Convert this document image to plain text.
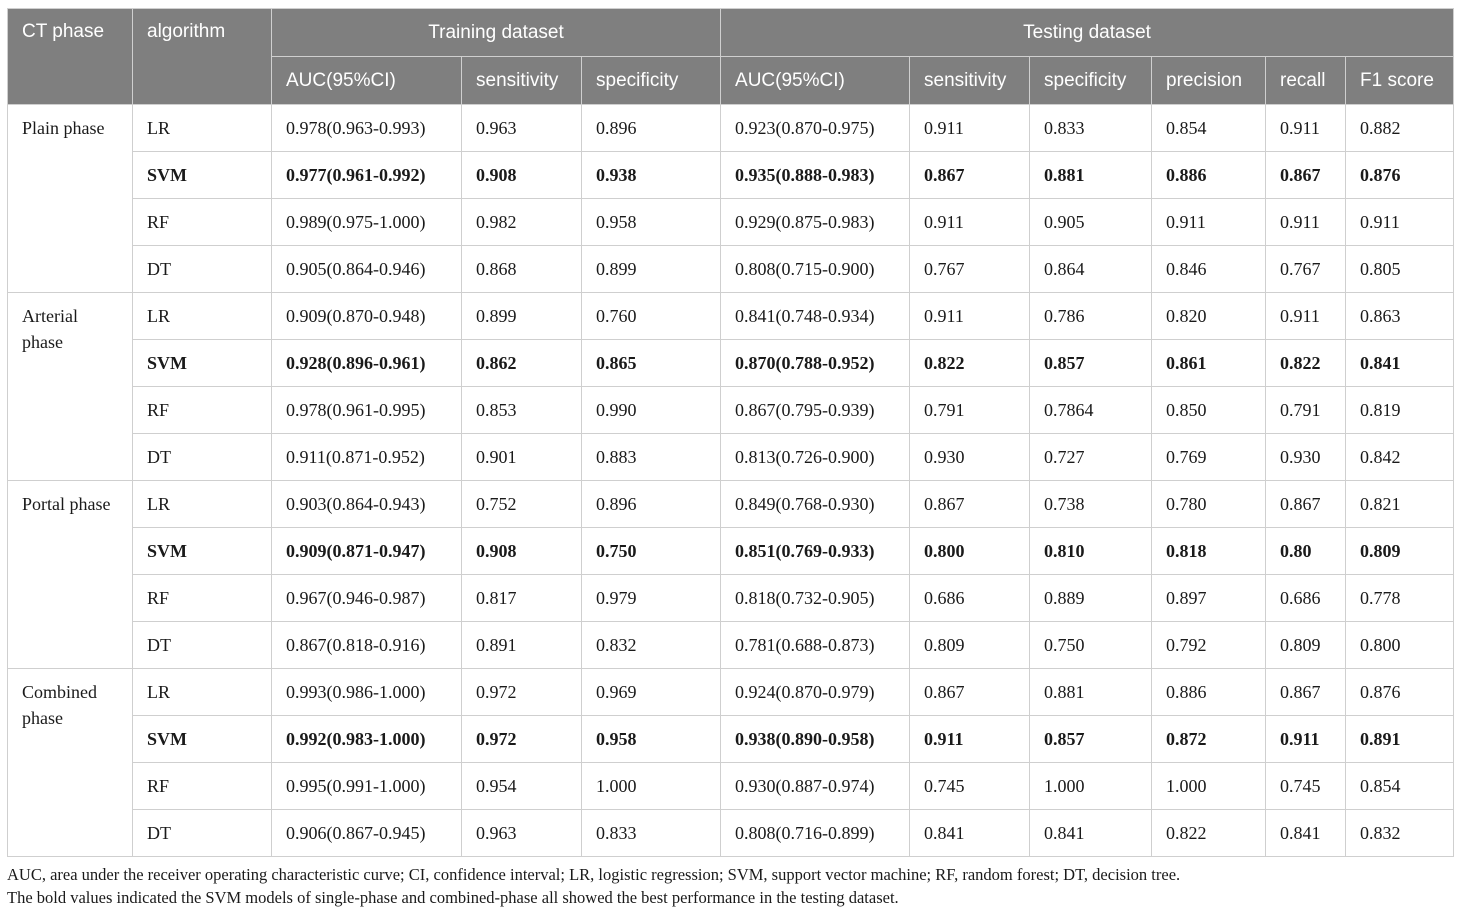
CT phase	algorithm	Training dataset			Testing dataset					
		AUC(95%CI)	sensitivity	specificity	AUC(95%CI)	sensitivity	specificity	precision	recall	F1 score
Plain phase	LR	0.978(0.963-0.993)	0.963	0.896	0.923(0.870-0.975)	0.911	0.833	0.854	0.911	0.882
	SVM	0.977(0.961-0.992)	0.908	0.938	0.935(0.888-0.983)	0.867	0.881	0.886	0.867	0.876
	RF	0.989(0.975-1.000)	0.982	0.958	0.929(0.875-0.983)	0.911	0.905	0.911	0.911	0.911
	DT	0.905(0.864-0.946)	0.868	0.899	0.808(0.715-0.900)	0.767	0.864	0.846	0.767	0.805
Arterial phase	LR	0.909(0.870-0.948)	0.899	0.760	0.841(0.748-0.934)	0.911	0.786	0.820	0.911	0.863
	SVM	0.928(0.896-0.961)	0.862	0.865	0.870(0.788-0.952)	0.822	0.857	0.861	0.822	0.841
	RF	0.978(0.961-0.995)	0.853	0.990	0.867(0.795-0.939)	0.791	0.7864	0.850	0.791	0.819
	DT	0.911(0.871-0.952)	0.901	0.883	0.813(0.726-0.900)	0.930	0.727	0.769	0.930	0.842
Portal phase	LR	0.903(0.864-0.943)	0.752	0.896	0.849(0.768-0.930)	0.867	0.738	0.780	0.867	0.821
	SVM	0.909(0.871-0.947)	0.908	0.750	0.851(0.769-0.933)	0.800	0.810	0.818	0.80	0.809
	RF	0.967(0.946-0.987)	0.817	0.979	0.818(0.732-0.905)	0.686	0.889	0.897	0.686	0.778
	DT	0.867(0.818-0.916)	0.891	0.832	0.781(0.688-0.873)	0.809	0.750	0.792	0.809	0.800
Combined phase	LR	0.993(0.986-1.000)	0.972	0.969	0.924(0.870-0.979)	0.867	0.881	0.886	0.867	0.876
	SVM	0.992(0.983-1.000)	0.972	0.958	0.938(0.890-0.958)	0.911	0.857	0.872	0.911	0.891
	RF	0.995(0.991-1.000)	0.954	1.000	0.930(0.887-0.974)	0.745	1.000	1.000	0.745	0.854
	DT	0.906(0.867-0.945)	0.963	0.833	0.808(0.716-0.899)	0.841	0.841	0.822	0.841	0.832
AUC, area under the receiver operating characteristic curve; CI, confidence interval; LR, logistic regression; SVM, support vector machine; RF, random forest; DT, decision tree.
The bold values indicated the SVM models of single-phase and combined-phase all showed the best performance in the testing dataset.
